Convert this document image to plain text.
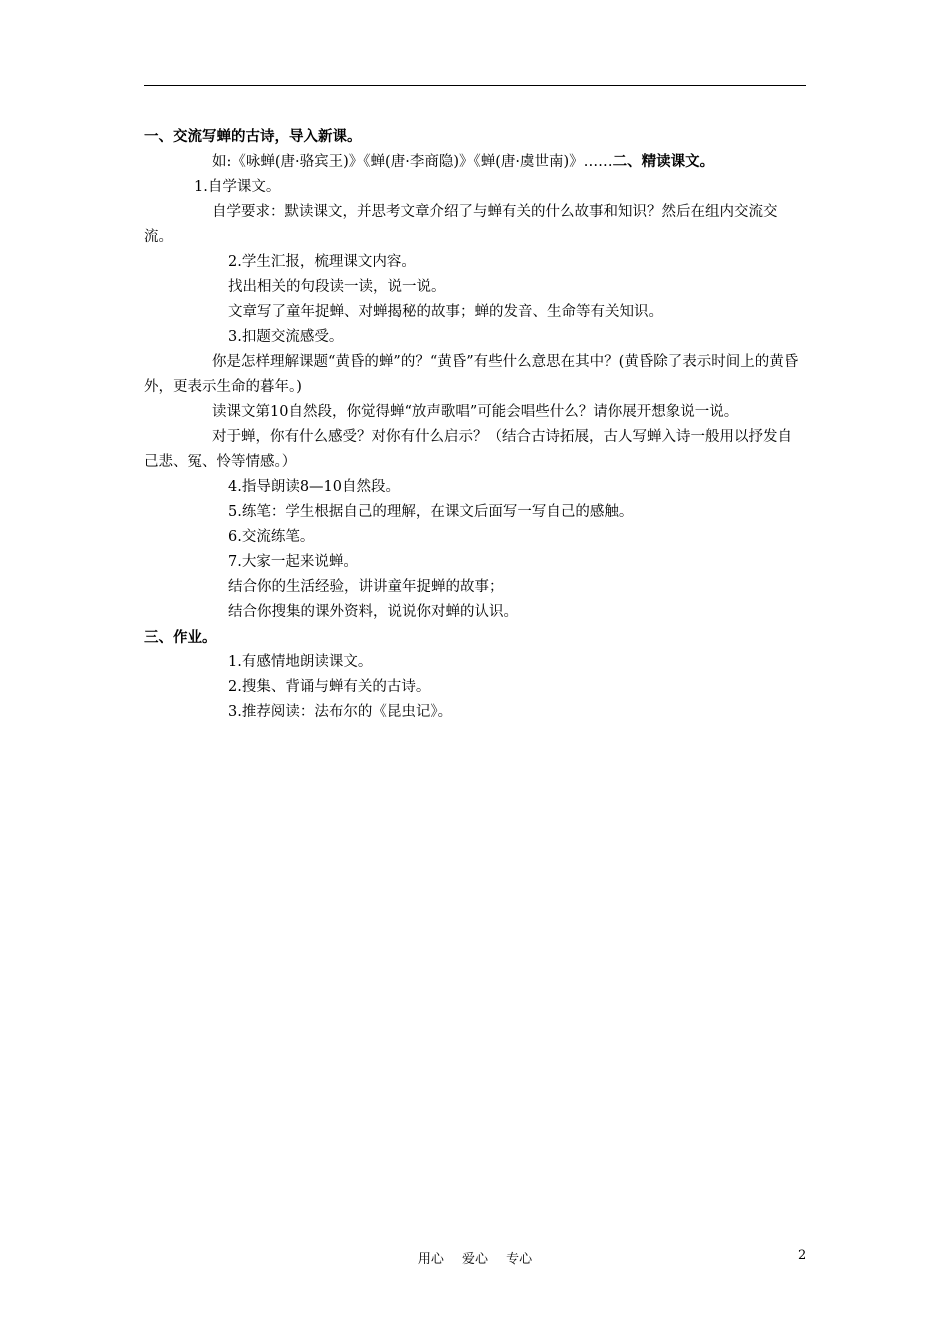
一、交流写蝉的古诗，导入新课。
如:《咏蝉(唐·骆宾王)》《蝉(唐·李商隐)》《蝉(唐·虞世南)》……二、精读课文。
1.自学课文。
自学要求：默读课文，并思考文章介绍了与蝉有关的什么故事和知识？然后在组内交流交流。
2.学生汇报，梳理课文内容。
找出相关的句段读一读，说一说。
文章写了童年捉蝉、对蝉揭秘的故事；蝉的发音、生命等有关知识。
3.扣题交流感受。
你是怎样理解课题“黄昏的蝉”的？“黄昏”有些什么意思在其中？(黄昏除了表示时间上的黄昏外，更表示生命的暮年。)
读课文第10自然段，你觉得蝉“放声歌唱”可能会唱些什么？请你展开想象说一说。
对于蝉，你有什么感受？对你有什么启示？（结合古诗拓展，古人写蝉入诗一般用以抒发自己悲、冤、怜等情感。）
4.指导朗读8—10自然段。
5.练笔：学生根据自己的理解，在课文后面写一写自己的感触。
6.交流练笔。
7.大家一起来说蝉。
结合你的生活经验，讲讲童年捉蝉的故事；
结合你搜集的课外资料，说说你对蝉的认识。
三、作业。
1.有感情地朗读课文。
2.搜集、背诵与蝉有关的古诗。
3.推荐阅读：法布尔的《昆虫记》。
用心 爱心 专心	2
